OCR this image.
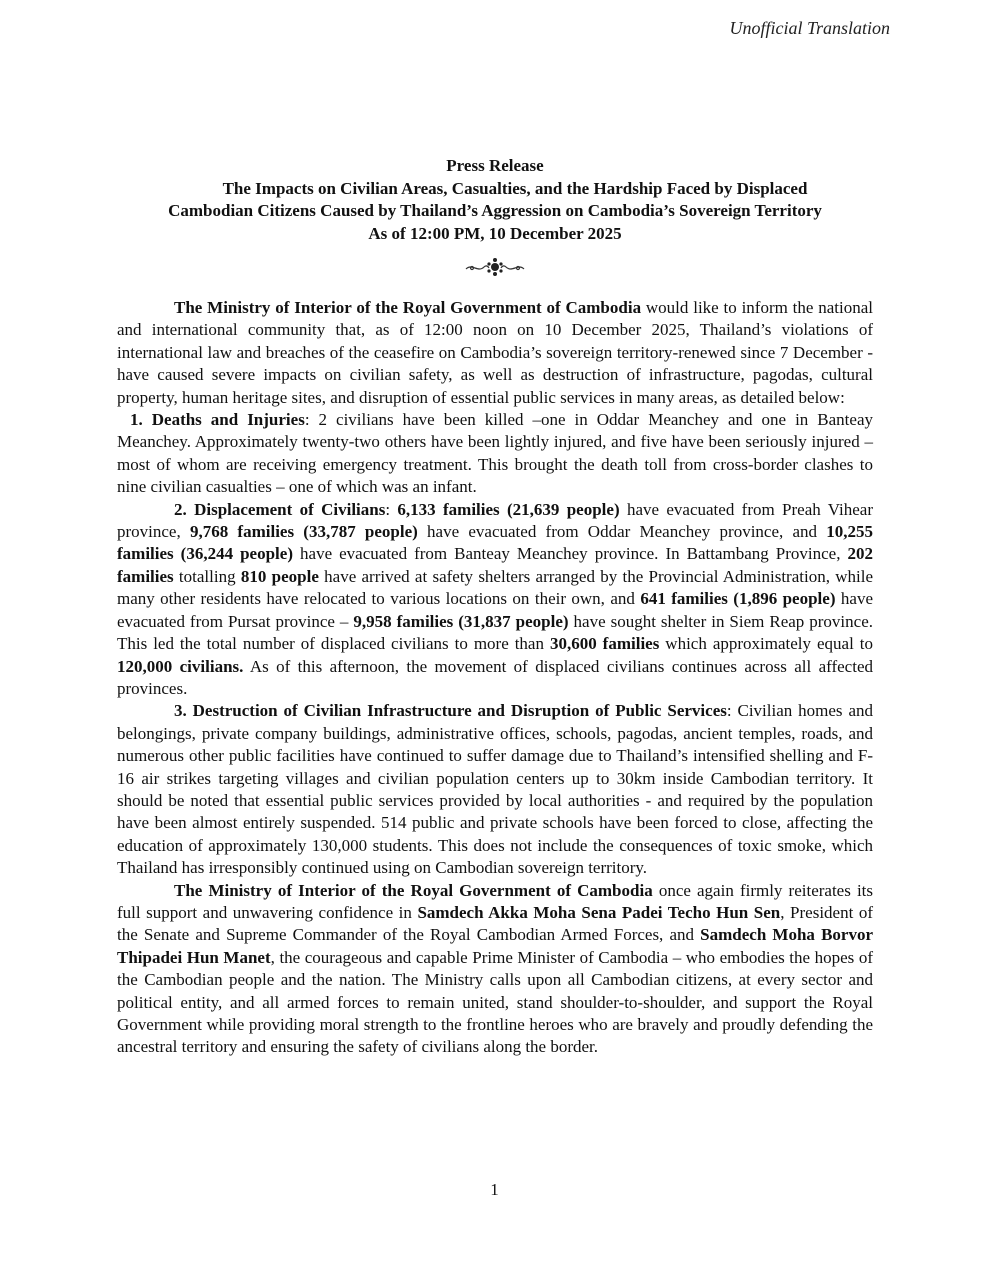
Unofficial Translation
Press Release
The Impacts on Civilian Areas, Casualties, and the Hardship Faced by Displaced
Cambodian Citizens Caused by Thailand’s Aggression on Cambodia’s Sovereign Territory
As of 12:00 PM, 10 December 2025

The Ministry of Interior of the Royal Government of Cambodia would like to inform the national and international community that, as of 12:00 noon on 10 December 2025, Thailand’s violations of international law and breaches of the ceasefire on Cambodia’s sovereign territory-renewed since 7 December - have caused severe impacts on civilian safety, as well as destruction of infrastructure, pagodas, cultural property, human heritage sites, and disruption of essential public services in many areas, as detailed below:

1. Deaths and Injuries: 2 civilians have been killed –one in Oddar Meanchey and one in Banteay Meanchey. Approximately twenty-two others have been lightly injured, and five have been seriously injured – most of whom are receiving emergency treatment. This brought the death toll from cross-border clashes to nine civilian casualties – one of which was an infant.

2. Displacement of Civilians: 6,133 families (21,639 people) have evacuated from Preah Vihear province, 9,768 families (33,787 people) have evacuated from Oddar Meanchey province, and 10,255 families (36,244 people) have evacuated from Banteay Meanchey province. In Battambang Province, 202 families totalling 810 people have arrived at safety shelters arranged by the Provincial Administration, while many other residents have relocated to various locations on their own, and 641 families (1,896 people) have evacuated from Pursat province – 9,958 families (31,837 people) have sought shelter in Siem Reap province. This led the total number of displaced civilians to more than 30,600 families which approximately equal to 120,000 civilians. As of this afternoon, the movement of displaced civilians continues across all affected provinces.

3. Destruction of Civilian Infrastructure and Disruption of Public Services: Civilian homes and belongings, private company buildings, administrative offices, schools, pagodas, ancient temples, roads, and numerous other public facilities have continued to suffer damage due to Thailand’s intensified shelling and F-16 air strikes targeting villages and civilian population centers up to 30km inside Cambodian territory. It should be noted that essential public services provided by local authorities - and required by the population have been almost entirely suspended. 514 public and private schools have been forced to close, affecting the education of approximately 130,000 students. This does not include the consequences of toxic smoke, which Thailand has irresponsibly continued using on Cambodian sovereign territory.

The Ministry of Interior of the Royal Government of Cambodia once again firmly reiterates its full support and unwavering confidence in Samdech Akka Moha Sena Padei Techo Hun Sen, President of the Senate and Supreme Commander of the Royal Cambodian Armed Forces, and Samdech Moha Borvor Thipadei Hun Manet, the courageous and capable Prime Minister of Cambodia – who embodies the hopes of the Cambodian people and the nation. The Ministry calls upon all Cambodian citizens, at every sector and political entity, and all armed forces to remain united, stand shoulder-to-shoulder, and support the Royal Government while providing moral strength to the frontline heroes who are bravely and proudly defending the ancestral territory and ensuring the safety of civilians along the border.

1
